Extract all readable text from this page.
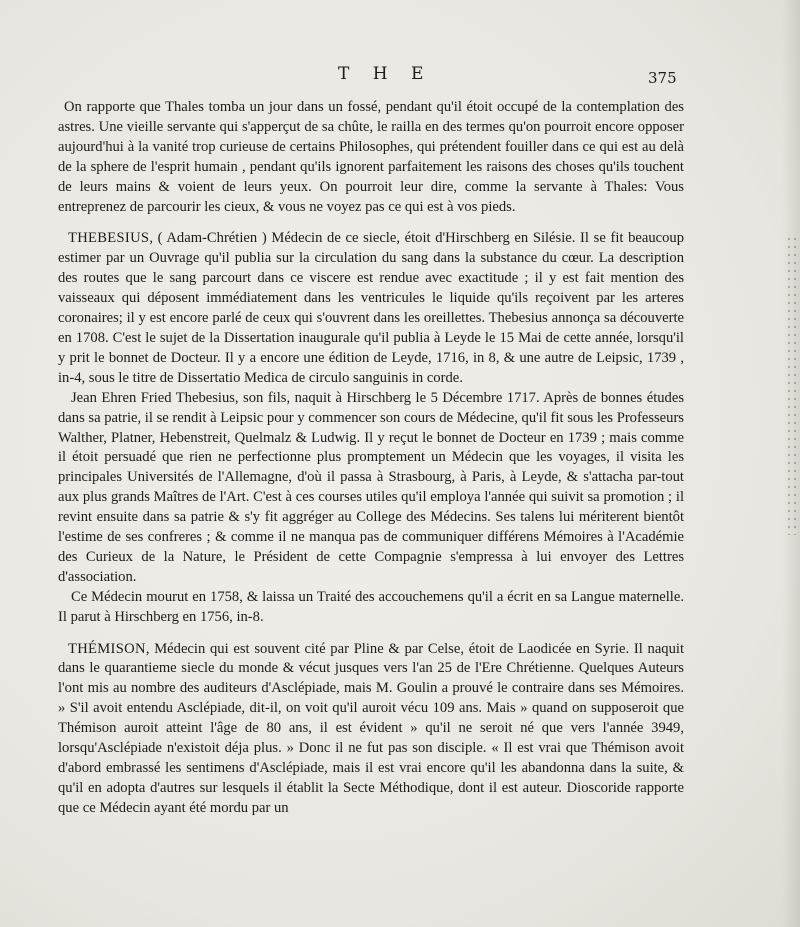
T H E	375

On rapporte que Thales tomba un jour dans un fossé, pendant qu'il étoit occupé de la contemplation des astres. Une vieille servante qui s'apperçut de sa chûte, le railla en des termes qu'on pourroit encore opposer aujourd'hui à la vanité trop curieuse de certains Philosophes, qui prétendent fouiller dans ce qui est au delà de la sphere de l'esprit humain , pendant qu'ils ignorent parfaitement les raisons des choses qu'ils touchent de leurs mains & voient de leurs yeux. On pourroit leur dire, comme la servante à Thales: Vous entreprenez de parcourir les cieux, & vous ne voyez pas ce qui est à vos pieds.

THEBESIUS, ( Adam-Chrétien ) Médecin de ce siecle, étoit d'Hirschberg en Silésie. Il se fit beaucoup estimer par un Ouvrage qu'il publia sur la circulation du sang dans la substance du cœur. La description des routes que le sang parcourt dans ce viscere est rendue avec exactitude ; il y est fait mention des vaisseaux qui déposent immédiatement dans les ventricules le liquide qu'ils reçoivent par les arteres coronaires; il y est encore parlé de ceux qui s'ouvrent dans les oreillettes. Thebesius annonça sa découverte en 1708. C'est le sujet de la Dissertation inaugurale qu'il publia à Leyde le 15 Mai de cette année, lorsqu'il y prit le bonnet de Docteur. Il y a encore une édition de Leyde, 1716, in 8, & une autre de Leipsic, 1739 , in-4, sous le titre de Dissertatio Medica de circulo sanguinis in corde.

Jean Ehren Fried Thebesius, son fils, naquit à Hirschberg le 5 Décembre 1717. Après de bonnes études dans sa patrie, il se rendit à Leipsic pour y commencer son cours de Médecine, qu'il fit sous les Professeurs Walther, Platner, Hebenstreit, Quelmalz & Ludwig. Il y reçut le bonnet de Docteur en 1739 ; mais comme il étoit persuadé que rien ne perfectionne plus promptement un Médecin que les voyages, il visita les principales Universités de l'Allemagne, d'où il passa à Strasbourg, à Paris, à Leyde, & s'attacha par-tout aux plus grands Maîtres de l'Art. C'est à ces courses utiles qu'il employa l'année qui suivit sa promotion ; il revint ensuite dans sa patrie & s'y fit aggréger au College des Médecins. Ses talens lui mériterent bientôt l'estime de ses confreres ; & comme il ne manqua pas de communiquer différens Mémoires à l'Académie des Curieux de la Nature, le Président de cette Compagnie s'empressa à lui envoyer des Lettres d'association.

Ce Médecin mourut en 1758, & laissa un Traité des accouchemens qu'il a écrit en sa Langue maternelle. Il parut à Hirschberg en 1756, in-8.

THÉMISON, Médecin qui est souvent cité par Pline & par Celse, étoit de Laodicée en Syrie. Il naquit dans le quarantieme siecle du monde & vécut jusques vers l'an 25 de l'Ere Chrétienne. Quelques Auteurs l'ont mis au nombre des auditeurs d'Asclépiade, mais M. Goulin a prouvé le contraire dans ses Mémoires. » S'il avoit entendu Asclépiade, dit-il, on voit qu'il auroit vécu 109 ans. Mais » quand on supposeroit que Thémison auroit atteint l'âge de 80 ans, il est évident » qu'il ne seroit né que vers l'année 3949, lorsqu'Asclépiade n'existoit déja plus. » Donc il ne fut pas son disciple. « Il est vrai que Thémison avoit d'abord embrassé les sentimens d'Asclépiade, mais il est vrai encore qu'il les abandonna dans la suite, & qu'il en adopta d'autres sur lesquels il établit la Secte Méthodique, dont il est auteur. Dioscoride rapporte que ce Médecin ayant été mordu par un
